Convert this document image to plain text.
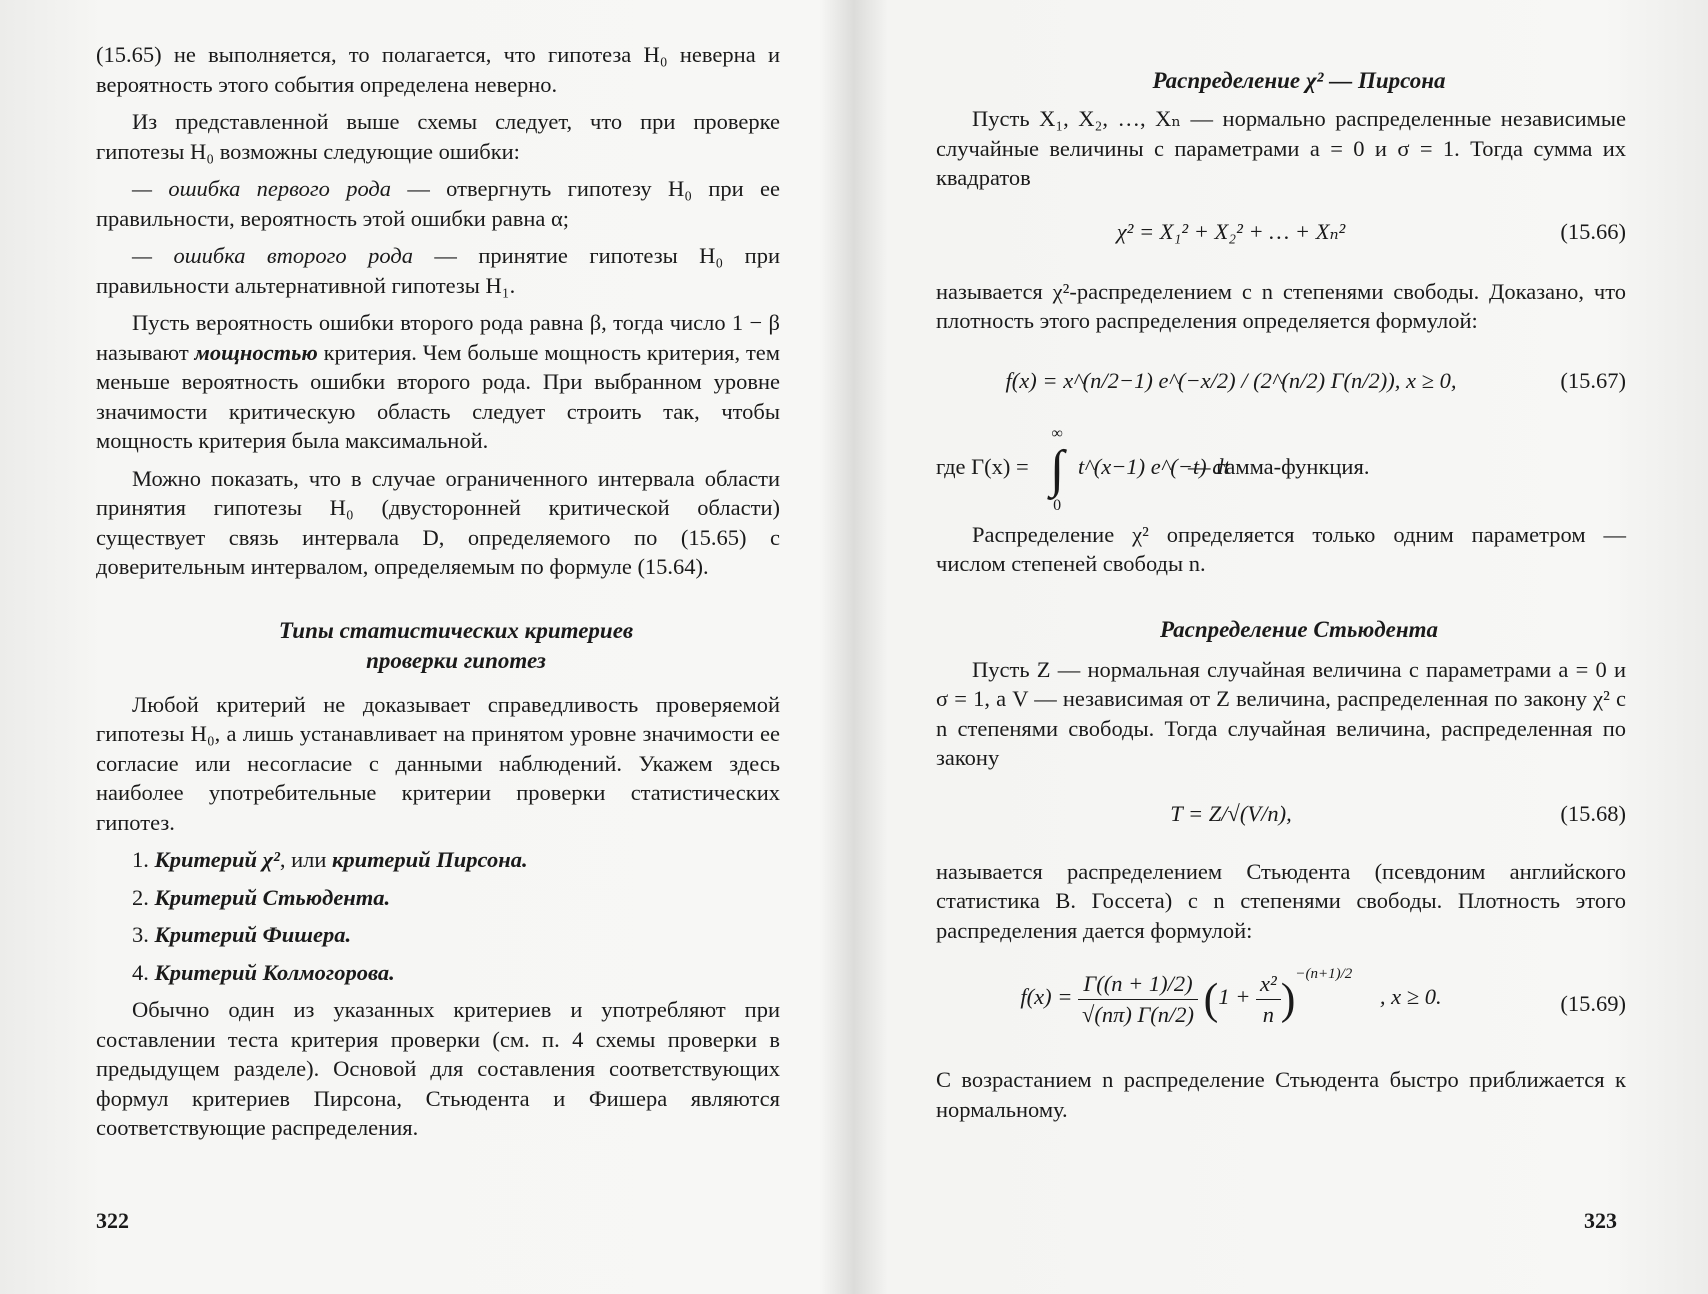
(15.65) не выполняется, то полагается, что гипотеза H₀ неверна и вероятность этого события определена неверно.

Из представленной выше схемы следует, что при проверке гипотезы H₀ возможны следующие ошибки:

— ошибка первого рода — отвергнуть гипотезу H₀ при ее правильности, вероятность этой ошибки равна α;

— ошибка второго рода — принятие гипотезы H₀ при правильности альтернативной гипотезы H₁.

Пусть вероятность ошибки второго рода равна β, тогда число 1 − β называют мощностью критерия. Чем больше мощность критерия, тем меньше вероятность ошибки второго рода. При выбранном уровне значимости критическую область следует строить так, чтобы мощность критерия была максимальной.

Можно показать, что в случае ограниченного интервала области принятия гипотезы H₀ (двусторонней критической области) существует связь интервала D, определяемого по (15.65) с доверительным интервалом, определяемым по формуле (15.64).

Типы статистических критериев

проверки гипотез

Любой критерий не доказывает справедливость проверяемой гипотезы H₀, а лишь устанавливает на принятом уровне значимости ее согласие или несогласие с данными наблюдений. Укажем здесь наиболее употребительные критерии проверки статистических гипотез.

1. Критерий χ², или критерий Пирсона.

2. Критерий Стьюдента.

3. Критерий Фишера.

4. Критерий Колмогорова.

Обычно один из указанных критериев и употребляют при составлении теста критерия проверки (см. п. 4 схемы проверки в предыдущем разделе). Основой для составления соответствующих формул критериев Пирсона, Стьюдента и Фишера являются соответствующие распределения.

322

Распределение χ² — Пирсона

Пусть X₁, X₂, …, Xₙ — нормально распределенные независимые случайные величины с параметрами a = 0 и σ = 1. Тогда сумма их квадратов

χ² = X₁² + X₂² + … + Xₙ²	(15.66)

называется χ²-распределением с n степенями свободы. Доказано, что плотность этого распределения определяется формулой:

f(x) = x^(n/2−1) e^(−x/2) / (2^(n/2) Γ(n/2)), x ≥ 0,	(15.67)
где Γ(x) =
∞
∫
0
t^(x−1) e^(−t) dt
— гамма-функция.

Распределение χ² определяется только одним параметром — числом степеней свободы n.

Распределение Стьюдента

Пусть Z — нормальная случайная величина с параметрами a = 0 и σ = 1, а V — независимая от Z величина, распределенная по закону χ² с n степенями свободы. Тогда случайная величина, распределенная по закону

T = Z/√(V/n),	(15.68)

называется распределением Стьюдента (псевдоним английского статистика В. Госсета) с n степенями свободы. Плотность этого распределения дается формулой:

$f(x) = \frac{\Gamma((n + 1)/2)}{√(n\pi) \Gamma(n/2)} (1 + \frac{\text{x²}}{n} )^{-(n+1)/2}$ , x ≥ 0.	(15.69)

С возрастанием n распределение Стьюдента быстро приближается к нормальному.

323
